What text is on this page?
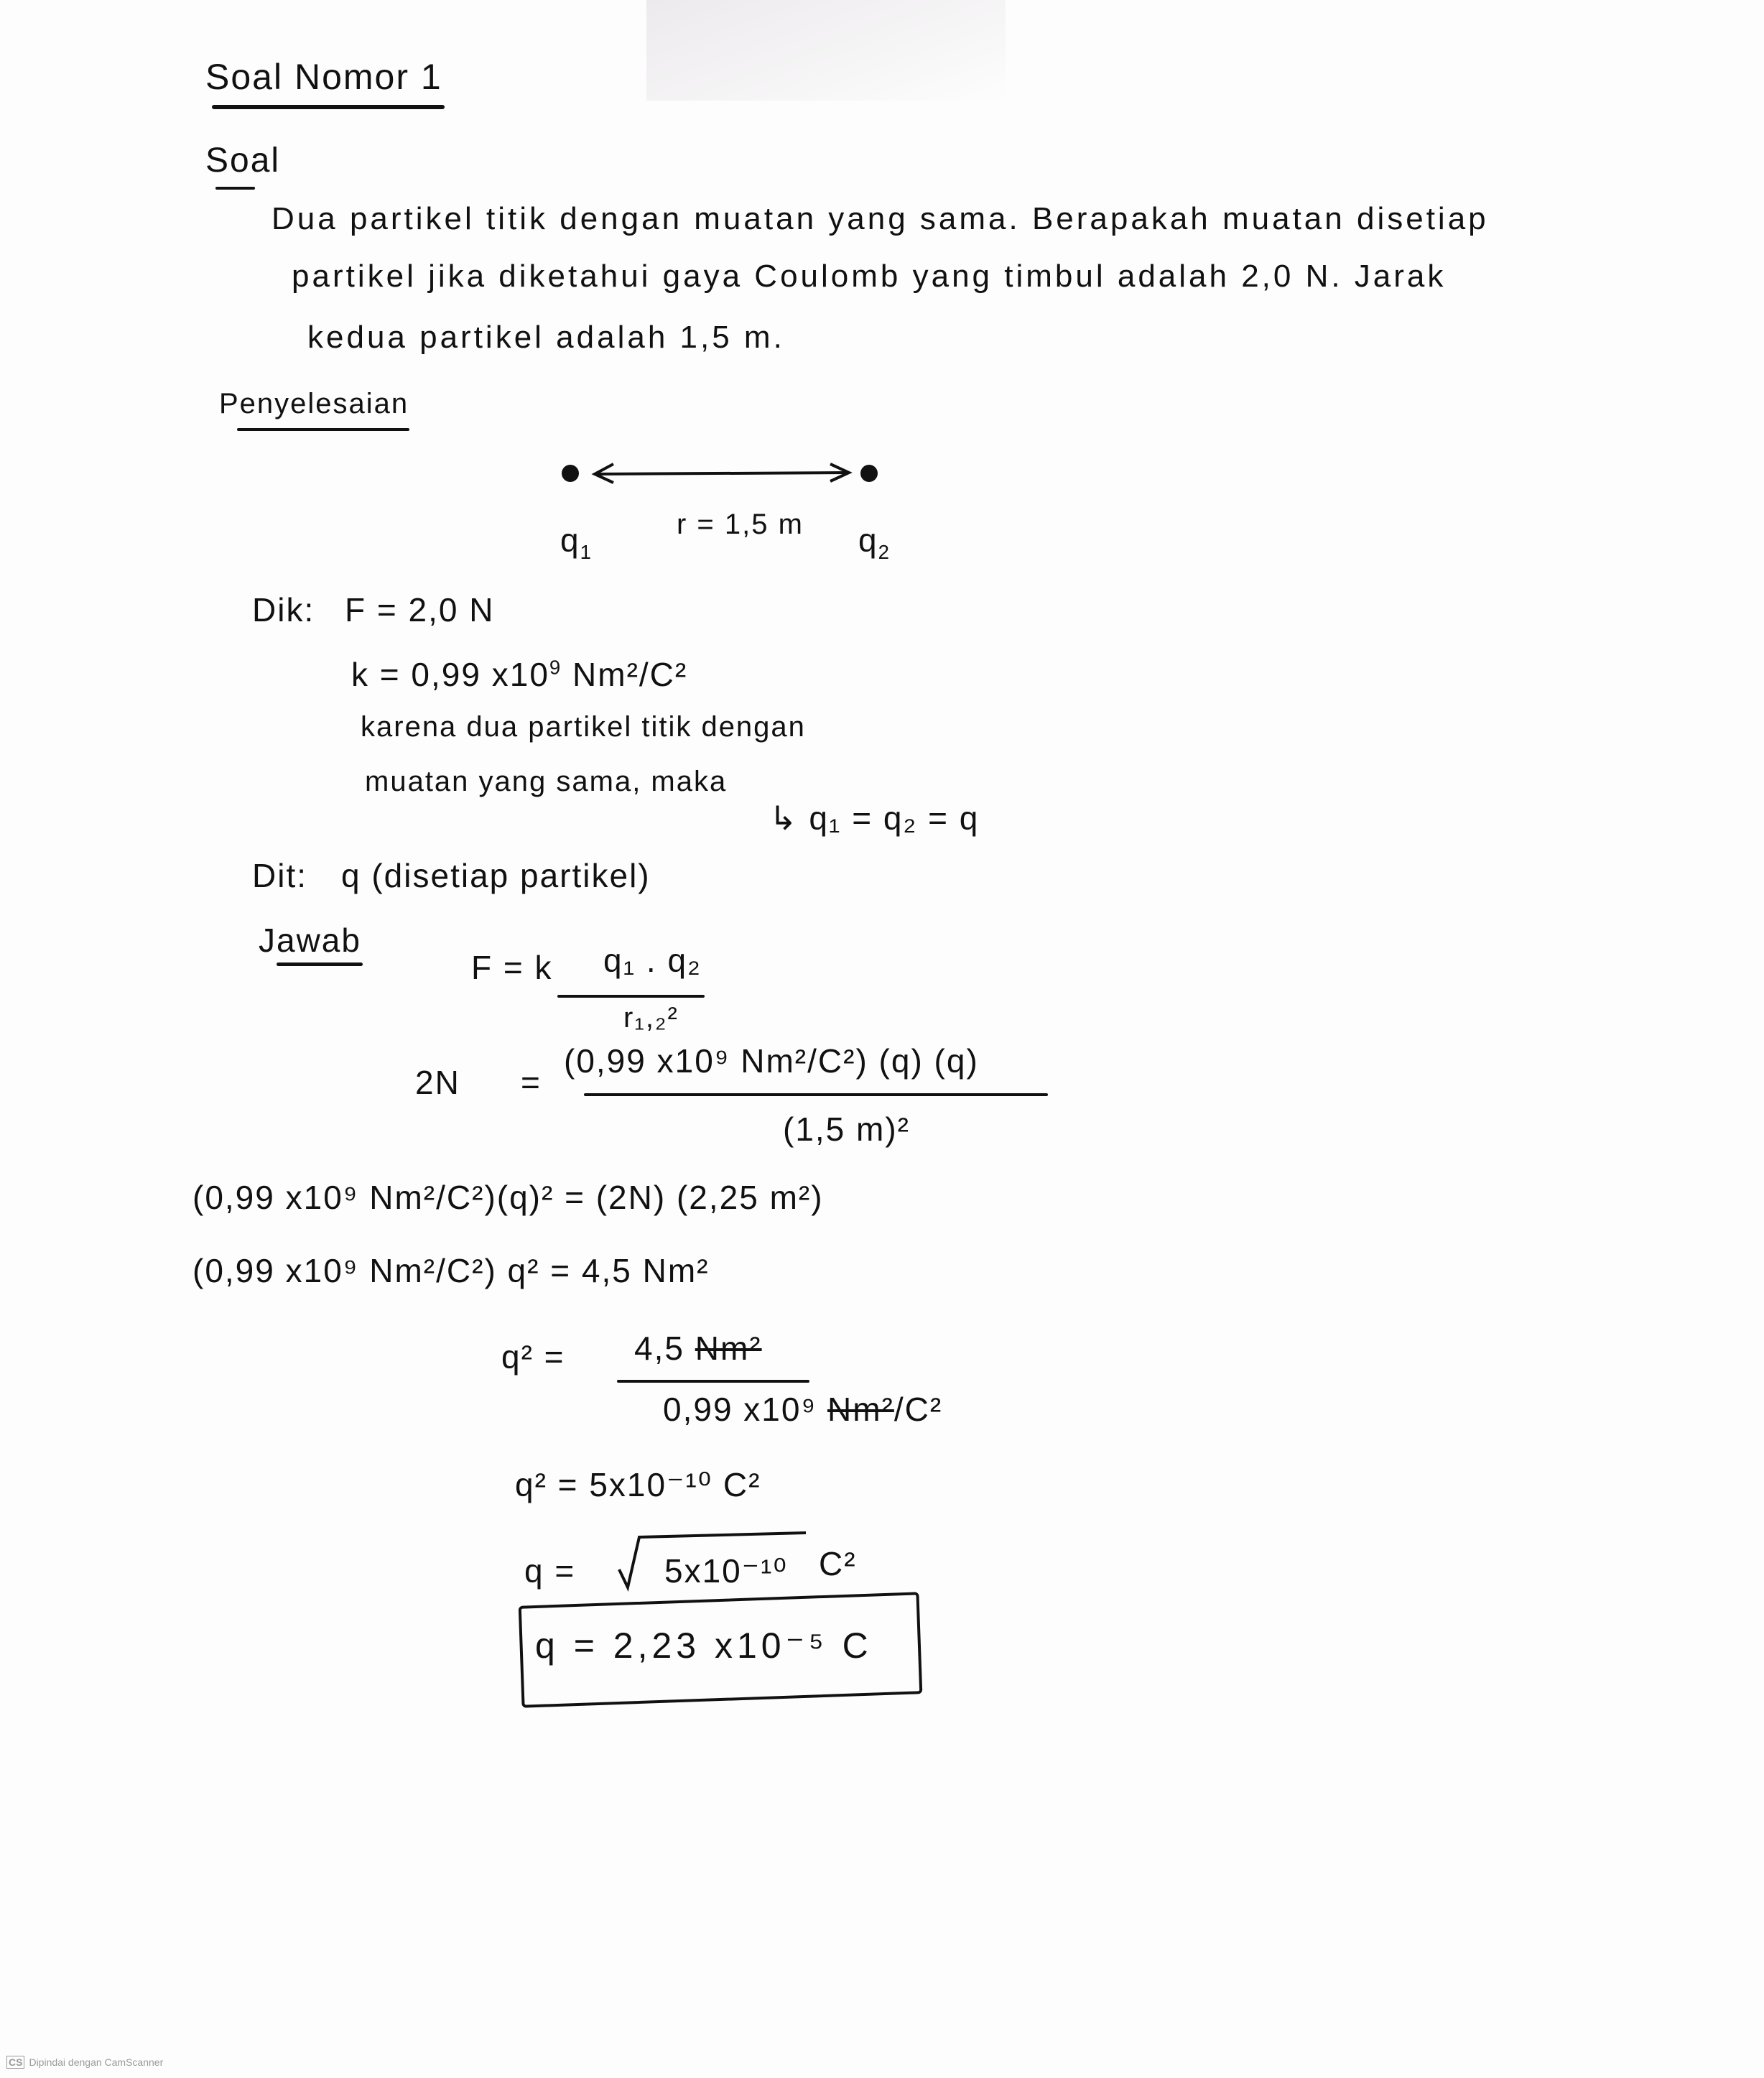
Soal Nomor 1
Soal
Dua partikel titik dengan muatan yang sama. Berapakah muatan disetiap
partikel jika diketahui gaya Coulomb yang timbul adalah 2,0 N. Jarak
kedua partikel adalah 1,5 m.
Penyelesaian
$q_1$
r = 1,5 m $q_2$
Dik: F = 2,0 N
k = 0,99 $x10^9$ Nm²/C²
karena dua partikel titik dengan
muatan yang sama, maka
↳ q₁ = q₂ = q
Dit: q (disetiap partikel)
Jawab
F = k q₁ . q₂
r₁,₂²
2N =
(0,99 x10⁹ Nm²/C²) (q) (q)
(1,5 m)²
(0,99 x10⁹ Nm²/C²)(q)² = (2N) (2,25 m²)
(0,99 x10⁹ Nm²/C²) q² = 4,5 Nm²
q² = 4,5 Nm²
0,99 x10⁹ Nm²/C²
q² = 5x10⁻¹⁰ C²
q =	5x10⁻¹⁰ C²
q = 2,23 x10⁻⁵ C
CS Dipindai dengan CamScanner
